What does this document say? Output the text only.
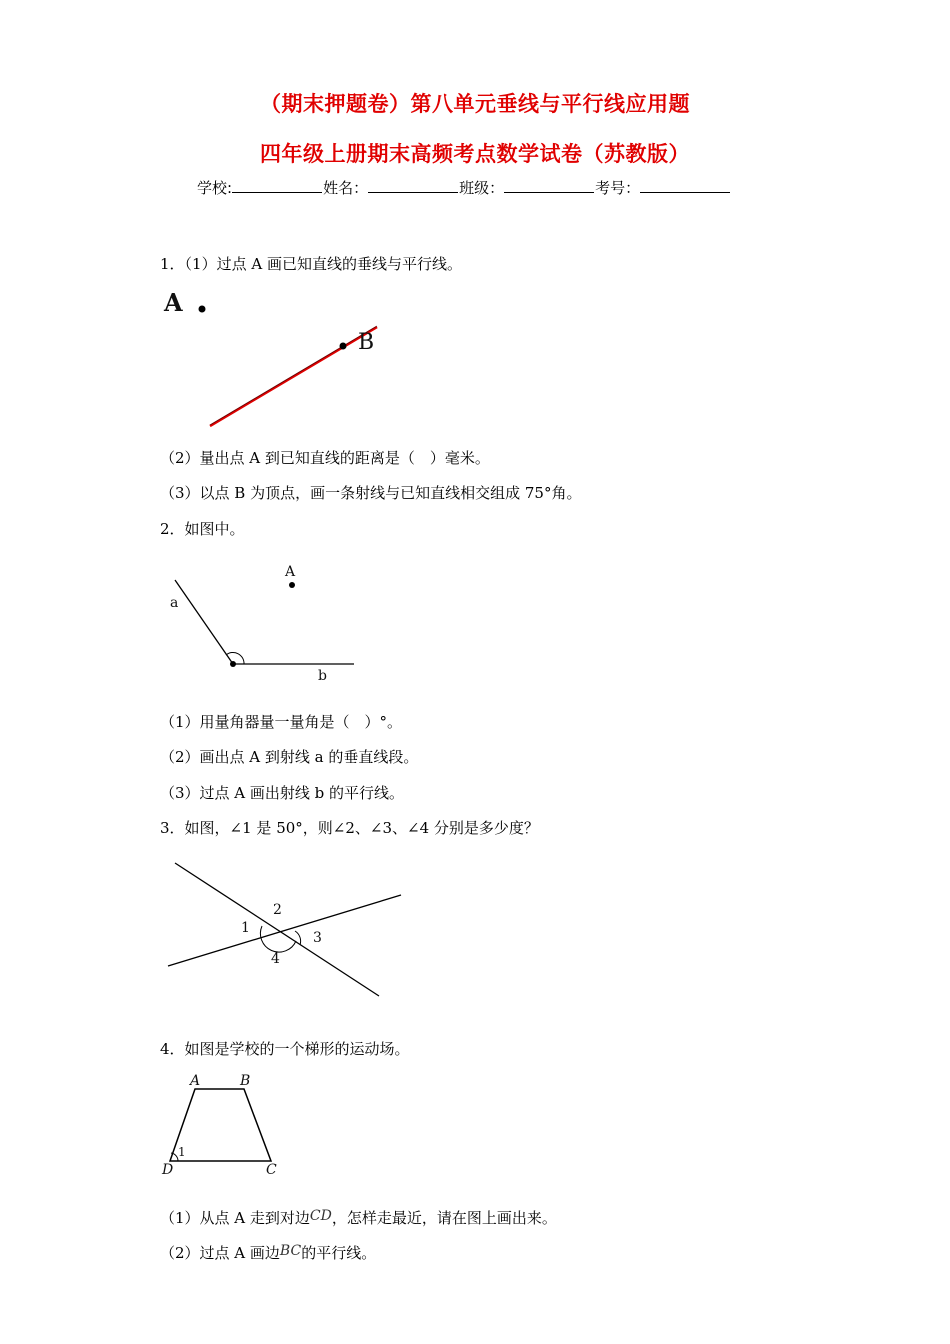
（期末押题卷）第八单元垂线与平行线应用题
四年级上册期末高频考点数学试卷（苏教版）
学校:	姓名：	班级：	考号：
1．（1）过点 A 画已知直线的垂线与平行线。
A
B
（2）量出点 A 到已知直线的距离是（　）毫米。
（3）以点 B 为顶点，画一条射线与已知直线相交组成 75°角。
2．如图中。
A
a
b
（1）用量角器量一量角是（　）°。
（2）画出点 A 到射线 a 的垂直线段。
（3）过点 A 画出射线 b 的平行线。
3．如图，∠1 是 50°，则∠2、∠3、∠4 分别是多少度？
1
2
3
4
4．如图是学校的一个梯形的运动场。
A	B
1
D	C
（1）从点 A 走到对边CD，怎样走最近，请在图上画出来。
（2）过点 A 画边BC的平行线。
